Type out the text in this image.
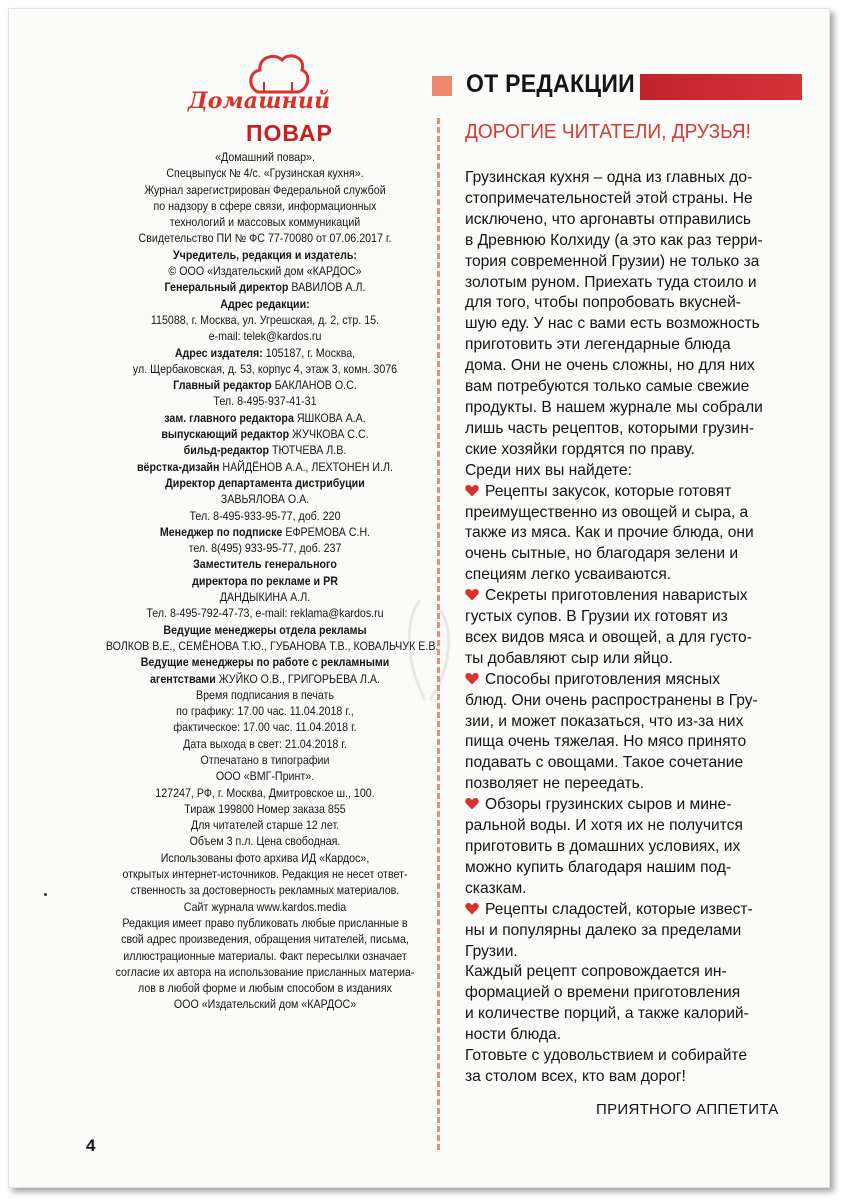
Домашний
ПОВАР
«Домашний повар».
Спецвыпуск № 4/с. «Грузинская кухня».
Журнал зарегистрирован Федеральной службой
по надзору в сфере связи, информационных
технологий и массовых коммуникаций
Свидетельство ПИ № ФС 77-70080 от 07.06.2017 г.
Учредитель, редакция и издатель:
© ООО «Издательский дом «КАРДОС»
Генеральный директор ВАВИЛОВ А.Л.
Адрес редакции:
115088, г. Москва, ул. Угрешская, д. 2, стр. 15.
e-mail: telek@kardos.ru
Адрес издателя: 105187, г. Москва,
ул. Щербаковская, д. 53, корпус 4, этаж 3, комн. 3076
Главный редактор БАКЛАНОВ О.С.
Тел. 8-495-937-41-31
зам. главного редактора ЯШКОВА А.А.
выпускающий редактор ЖУЧКОВА С.С.
бильд-редактор ТЮТЧЕВА Л.В.
вёрстка-дизайн НАЙДЁНОВ А.А., ЛЕХТОНЕН И.Л.
Директор департамента дистрибуции
ЗАВЬЯЛОВА О.А.
Тел. 8-495-933-95-77, доб. 220
Менеджер по подписке ЕФРЕМОВА С.Н.
тел. 8(495) 933-95-77, доб. 237
Заместитель генерального
директора по рекламе и PR
ДАНДЫКИНА А.Л.
Тел. 8-495-792-47-73, e-mail: reklama@kardos.ru
Ведущие менеджеры отдела рекламы
ВОЛКОВ В.Е., СЕМЁНОВА Т.Ю., ГУБАНОВА Т.В., КОВАЛЬЧУК Е.В.
Ведущие менеджеры по работе с рекламными
агентствами ЖУЙКО О.В., ГРИГОРЬЕВА Л.А.
Время подписания в печать
по графику: 17.00 час. 11.04.2018 г.,
фактическое: 17.00 час. 11.04.2018 г.
Дата выхода в свет: 21.04.2018 г.
Отпечатано в типографии
ООО «ВМГ-Принт».
127247, РФ, г. Москва, Дмитровское ш., 100.
Тираж 199800 Номер заказа 855
Для читателей старше 12 лет.
Объем 3 п.л. Цена свободная.
Использованы фото архива ИД «Кардос»,
открытых интернет-источников. Редакция не несет ответ-
ственность за достоверность рекламных материалов.
Сайт журнала www.kardos.media
Редакция имеет право публиковать любые присланные в
свой адрес произведения, обращения читателей, письма,
иллюстрационные материалы. Факт пересылки означает
согласие их автора на использование присланных материа-
лов в любой форме и любым способом в изданиях
ООО «Издательский дом «КАРДОС»
4
ОТ РЕДАКЦИИ
ДОРОГИЕ ЧИТАТЕЛИ, ДРУЗЬЯ!
Грузинская кухня – одна из главных до-
стопримечательностей этой страны. Не
исключено, что аргонавты отправились
в Древнюю Колхиду (а это как раз терри-
тория современной Грузии) не только за
золотым руном. Приехать туда стоило и
для того, чтобы попробовать вкусней-
шую еду. У нас с вами есть возможность
приготовить эти легендарные блюда
дома. Они не очень сложны, но для них
вам потребуются только самые свежие
продукты. В нашем журнале мы собрали
лишь часть рецептов, которыми грузин-
ские хозяйки гордятся по праву.
Среди них вы найдете:
Рецепты закусок, которые готовят
преимущественно из овощей и сыра, а
также из мяса. Как и прочие блюда, они
очень сытные, но благодаря зелени и
специям легко усваиваются.
Секреты приготовления наваристых
густых супов. В Грузии их готовят из
всех видов мяса и овощей, а для густо-
ты добавляют сыр или яйцо.
Способы приготовления мясных
блюд. Они очень распространены в Гру-
зии, и может показаться, что из-за них
пища очень тяжелая. Но мясо принято
подавать с овощами. Такое сочетание
позволяет не переедать.
Обзоры грузинских сыров и мине-
ральной воды. И хотя их не получится
приготовить в домашних условиях, их
можно купить благодаря нашим под-
сказкам.
Рецепты сладостей, которые извест-
ны и популярны далеко за пределами
Грузии.
Каждый рецепт сопровождается ин-
формацией о времени приготовления
и количестве порций, а также калорий-
ности блюда.
Готовьте с удовольствием и собирайте
за столом всех, кто вам дорог!
ПРИЯТНОГО АППЕТИТА
